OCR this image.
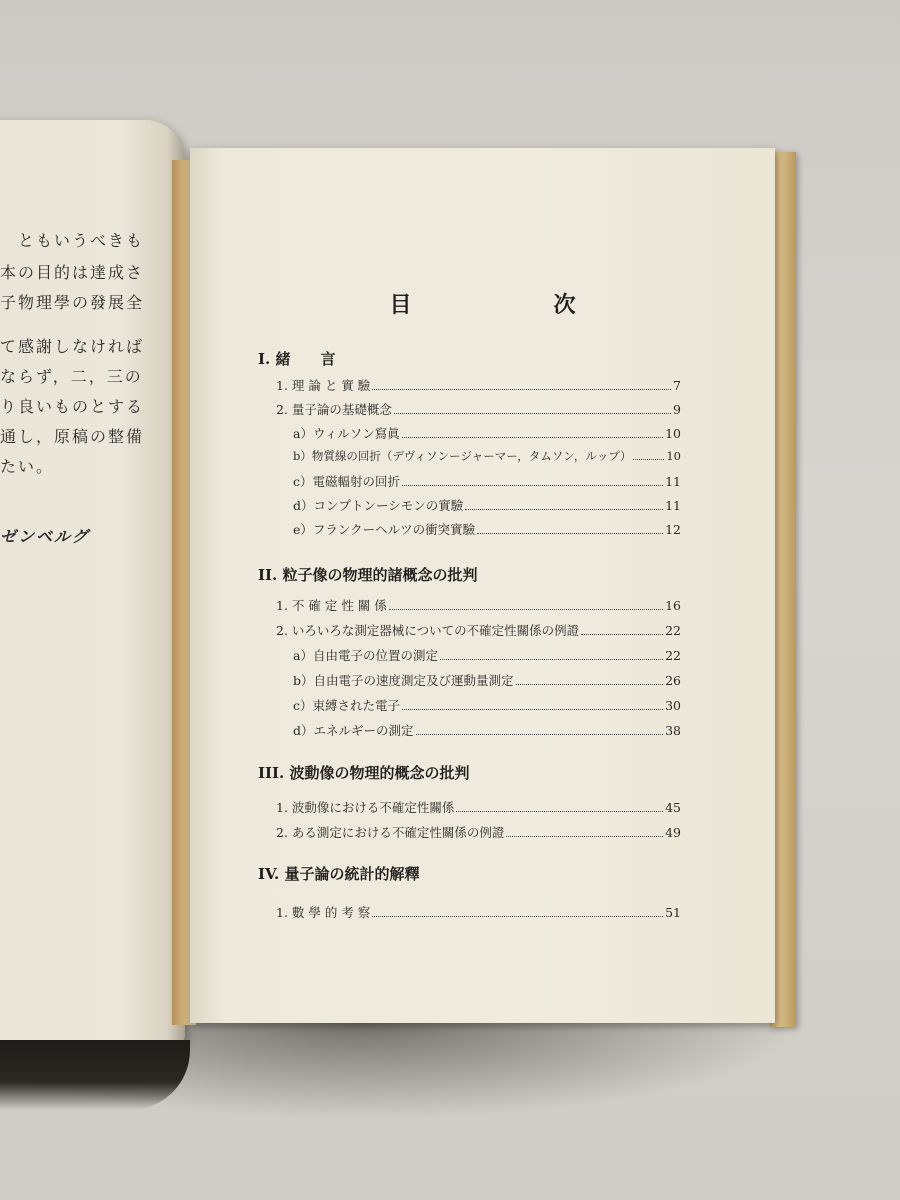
　ともいうべきも
本の目的は達成さ
子物理學の發展全
て感謝しなければ
ならず，二，三の
り良いものとする
通し，原稿の整備
たい。
ゼンベルグ
目　次
I. 緒　　言
1. 理 論 と 實 驗	7
2. 量子論の基礎概念	9
a）ウィルソン寫眞	10
b）物質線の回折（デヴィソンージャーマー，タムソン，ルップ）	10
c）電磁輻射の回折	11
d）コンプトンーシモンの實驗	11
e）フランクーヘルツの衝突實驗	12
II. 粒子像の物理的諸概念の批判
1. 不 確 定 性 關 係	16
2. いろいろな測定器械についての不確定性關係の例證	22
a）自由電子の位置の測定	22
b）自由電子の速度測定及び運動量測定	26
c）束縛された電子	30
d）エネルギーの測定	38
III. 波動像の物理的概念の批判
1. 波動像における不確定性關係	45
2. ある測定における不確定性關係の例證	49
IV. 量子論の統計的解釋
1. 數 學 的 考 察	51
